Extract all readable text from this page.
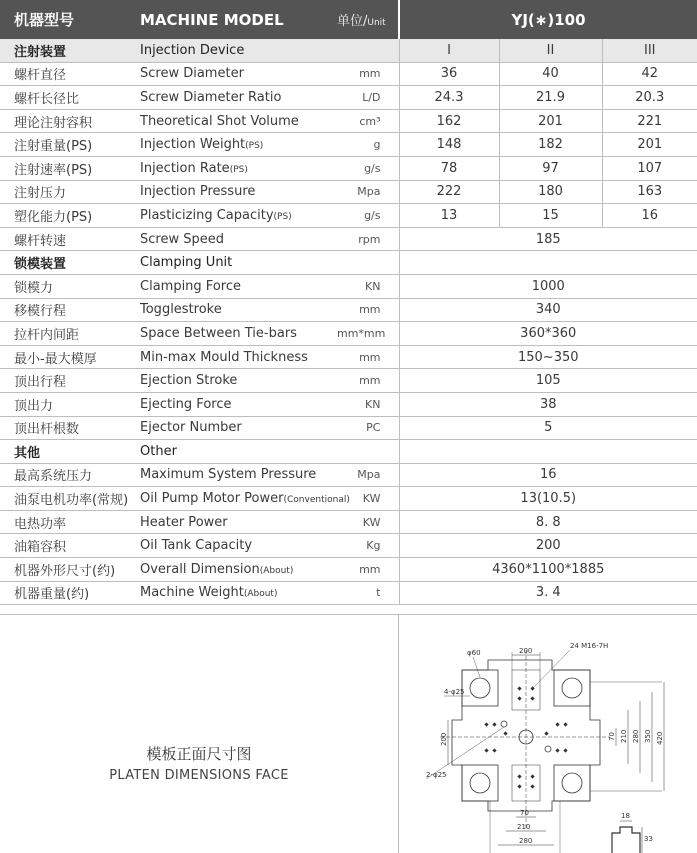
机器型号	MACHINE MODEL	单位/Unit	YJ(∗)100		
注射装置	Injection Device		I	II	III
螺杆直径	Screw Diameter	mm	36	40	42
螺杆长径比	Screw Diameter Ratio	L/D	24.3	21.9	20.3
理论注射容积	Theoretical Shot Volume	cm³	162	201	221
注射重量(PS)	Injection Weight(PS)	g	148	182	201
注射速率(PS)	Injection Rate(PS)	g/s	78	97	107
注射压力	Injection Pressure	Mpa	222	180	163
塑化能力(PS)	Plasticizing Capacity(PS)	g/s	13	15	16
螺杆转速	Screw Speed	rpm	185		
锁模装置	Clamping Unit				
锁模力	Clamping Force	KN	1000		
移模行程	Togglestroke	mm	340		
拉杆内间距	Space Between Tie-bars	mm*mm	360*360		
最小-最大模厚	Min-max Mould Thickness	mm	150~350		
顶出行程	Ejection Stroke	mm	105		
顶出力	Ejecting Force	KN	38		
顶出杆根数	Ejector Number	PC	5		
其他	Other				
最高系统压力	Maximum System Pressure	Mpa	16		
油泵电机功率(常规)	Oil Pump Motor Power(Conventional)	KW	13(10.5)		
电热功率	Heater Power	KW	8. 8		
油箱容积	Oil Tank Capacity	Kg	200		
机器外形尺寸(约)	Overall Dimension(About)	mm	4360*1100*1885		
机器重量(约)	Machine Weight(About)	t	3. 4		
模板正面尺寸图
PLATEN DIMENSIONS FACE
200
φ60
24 M16-7H
4-φ25
200
2-φ25
70 210 280 350 420
70
210
280
18
33
